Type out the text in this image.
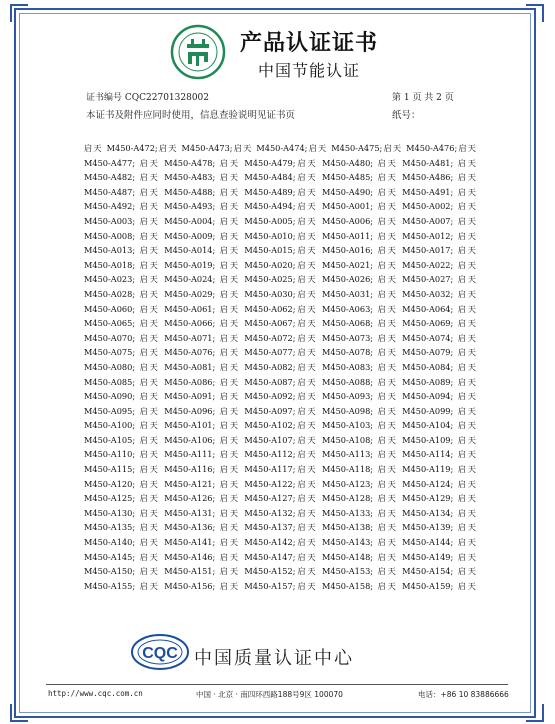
产品认证证书
中国节能认证
证书编号 CQC22701328002	第 1 页 共 2 页
本证书及附件应同时使用，信息查验说明见证书页	纸号：
启天 M450-A472;启天 M450-A473;启天 M450-A474;启天 M450-A475;启天 M450-A476;启天
M450-A477; 启天 M450-A478; 启天 M450-A479;启天 M450-A480; 启天 M450-A481; 启天
M450-A482; 启天 M450-A483; 启天 M450-A484;启天 M450-A485; 启天 M450-A486; 启天
M450-A487; 启天 M450-A488; 启天 M450-A489;启天 M450-A490; 启天 M450-A491; 启天
M450-A492; 启天 M450-A493; 启天 M450-A494;启天 M450-A001; 启天 M450-A002; 启天
M450-A003; 启天 M450-A004; 启天 M450-A005;启天 M450-A006; 启天 M450-A007; 启天
M450-A008; 启天 M450-A009; 启天 M450-A010;启天 M450-A011; 启天 M450-A012; 启天
M450-A013; 启天 M450-A014; 启天 M450-A015;启天 M450-A016; 启天 M450-A017; 启天
M450-A018; 启天 M450-A019; 启天 M450-A020;启天 M450-A021; 启天 M450-A022; 启天
M450-A023; 启天 M450-A024; 启天 M450-A025;启天 M450-A026; 启天 M450-A027; 启天
M450-A028; 启天 M450-A029; 启天 M450-A030;启天 M450-A031; 启天 M450-A032; 启天
M450-A060; 启天 M450-A061; 启天 M450-A062;启天 M450-A063; 启天 M450-A064; 启天
M450-A065; 启天 M450-A066; 启天 M450-A067;启天 M450-A068; 启天 M450-A069; 启天
M450-A070; 启天 M450-A071; 启天 M450-A072;启天 M450-A073; 启天 M450-A074; 启天
M450-A075; 启天 M450-A076; 启天 M450-A077;启天 M450-A078; 启天 M450-A079; 启天
M450-A080; 启天 M450-A081; 启天 M450-A082;启天 M450-A083; 启天 M450-A084; 启天
M450-A085; 启天 M450-A086; 启天 M450-A087;启天 M450-A088; 启天 M450-A089; 启天
M450-A090; 启天 M450-A091; 启天 M450-A092;启天 M450-A093; 启天 M450-A094; 启天
M450-A095; 启天 M450-A096; 启天 M450-A097;启天 M450-A098; 启天 M450-A099; 启天
M450-A100; 启天 M450-A101; 启天 M450-A102;启天 M450-A103; 启天 M450-A104; 启天
M450-A105; 启天 M450-A106; 启天 M450-A107;启天 M450-A108; 启天 M450-A109; 启天
M450-A110; 启天 M450-A111; 启天 M450-A112;启天 M450-A113; 启天 M450-A114; 启天
M450-A115; 启天 M450-A116; 启天 M450-A117;启天 M450-A118; 启天 M450-A119; 启天
M450-A120; 启天 M450-A121; 启天 M450-A122;启天 M450-A123; 启天 M450-A124; 启天
M450-A125; 启天 M450-A126; 启天 M450-A127;启天 M450-A128; 启天 M450-A129; 启天
M450-A130; 启天 M450-A131; 启天 M450-A132;启天 M450-A133; 启天 M450-A134; 启天
M450-A135; 启天 M450-A136; 启天 M450-A137;启天 M450-A138; 启天 M450-A139; 启天
M450-A140; 启天 M450-A141; 启天 M450-A142;启天 M450-A143; 启天 M450-A144; 启天
M450-A145; 启天 M450-A146; 启天 M450-A147;启天 M450-A148; 启天 M450-A149; 启天
M450-A150; 启天 M450-A151; 启天 M450-A152;启天 M450-A153; 启天 M450-A154; 启天
M450-A155; 启天 M450-A156; 启天 M450-A157;启天 M450-A158; 启天 M450-A159; 启天
CQC 中国质量认证中心
http://www.cqc.com.cn	中国 · 北京 · 南四环西路188号9区 100070	电话：+86 10 83886666
